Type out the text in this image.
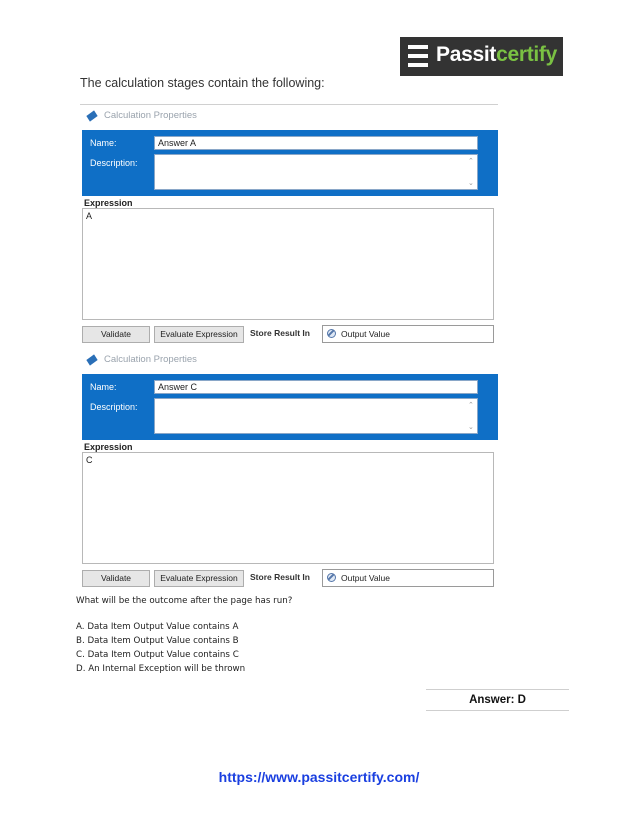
Passitcertify
The calculation stages contain the following:
Calculation Properties
Name:	Answer A
Description:	⌃
⌄
Expression
A
Validate	Evaluate Expression	Store Result In	Output Value
Calculation Properties
Name:	Answer C
Description:	⌃
⌄
Expression
C
Validate	Evaluate Expression	Store Result In	Output Value
What will be the outcome after the page has run?
A. Data Item Output Value contains A
B. Data Item Output Value contains B
C. Data Item Output Value contains C
D. An Internal Exception will be thrown
Answer: D
https://www.passitcertify.com/
